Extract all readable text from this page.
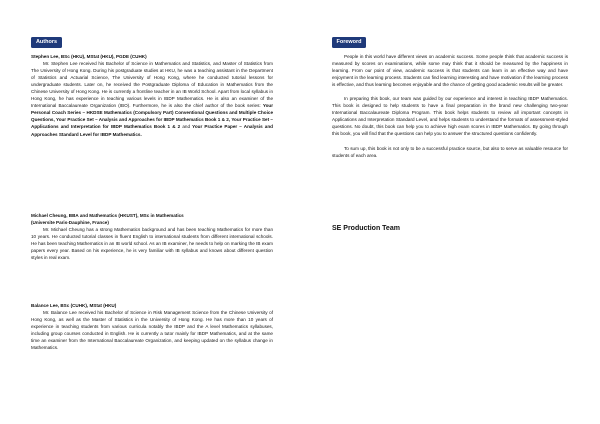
Authors
Stephen Lee, BSc (HKU), MStat (HKU), PGDE (CUHK)
Mr. Stephen Lee received his Bachelor of Science in Mathematics and Statistics, and Master of Statistics from The University of Hong Kong. During his postgraduate studies at HKU, he was a teaching assistant in the Department of Statistics and Actuarial Science, The University of Hong Kong, where he conducted tutorial lessons for undergraduate students. Later on, he received the Postgraduate Diploma of Education in Mathematics from the Chinese University of Hong Kong. He is currently a frontline teacher in an IB World School. Apart from local syllabus in Hong Kong, he has experience in teaching various levels in IBDP Mathematics. He is also an examiner of the International Baccalaureate Organization (IBO). Furthermore, he is also the chief author of the book series: Your Personal Coach Series – HKDSE Mathematics (Compulsory Part) Conventional Questions and Multiple Choice Questions, Your Practice Set – Analysis and Approaches for IBDP Mathematics Book 1 & 2, Your Practice Set – Applications and Interpretation for IBDP Mathematics Book 1 & 2 and Your Practice Paper – Analysis and Approaches Standard Level for IBDP Mathematics.
Michael Cheung, BBA and Mathematics (HKUST), MSc in Mathematics
(Universite Paris-Dauphine, France)
Mr. Michael Cheung has a strong Mathematics background and has been teaching Mathematics for more than 10 years. He conducted tutorial classes in fluent English to international students from different international schools. He has been teaching Mathematics in an IB world school. As an IB examiner, he needs to help on marking the IB exam papers every year. Based on his experience, he is very familiar with IB syllabus and knows about different question styles in real exam.
Balance Lee, BSc (CUHK), MStat (HKU)
Mr. Balance Lee received his Bachelor of Science in Risk Management Science from the Chinese University of Hong Kong, as well as the Master of Statistics in the University of Hong Kong. He has more than 10 years of experience in teaching students from various curricula notably the IBDP and the A level Mathematics syllabuses, including group courses conducted in English. He is currently a tutor mainly for IBDP Mathematics, and at the same time an examiner from the International Baccalaureate Organization, and keeping updated on the syllabus change in Mathematics.
Foreword
People in this world have different views on academic success. Some people think that academic success is measured by scores on examinations, while some may think that it should be measured by the happiness in learning. From our point of view, academic success is that students can learn in an effective way and have enjoyment in the learning process. Students can find learning interesting and have motivation if the learning process is effective, and thus learning becomes enjoyable and the chance of getting good academic results will be greater.
In preparing this book, our team was guided by our experience and interest in teaching IBDP Mathematics. This book is designed to help students to have a final preparation in the brand new challenging two-year International Baccalaureate Diploma Program. This book helps students to review all important concepts in Applications and Interpretation Standard Level, and helps students to understand the formats of assessment-styled questions. No doubt, this book can help you to achieve high exam scores in IBDP Mathematics. By going through this book, you will find that the questions can help you to answer the structured questions confidently.
To sum up, this book is not only to be a successful practice source, but also to serve as valuable resource for students of each area.
SE Production Team
